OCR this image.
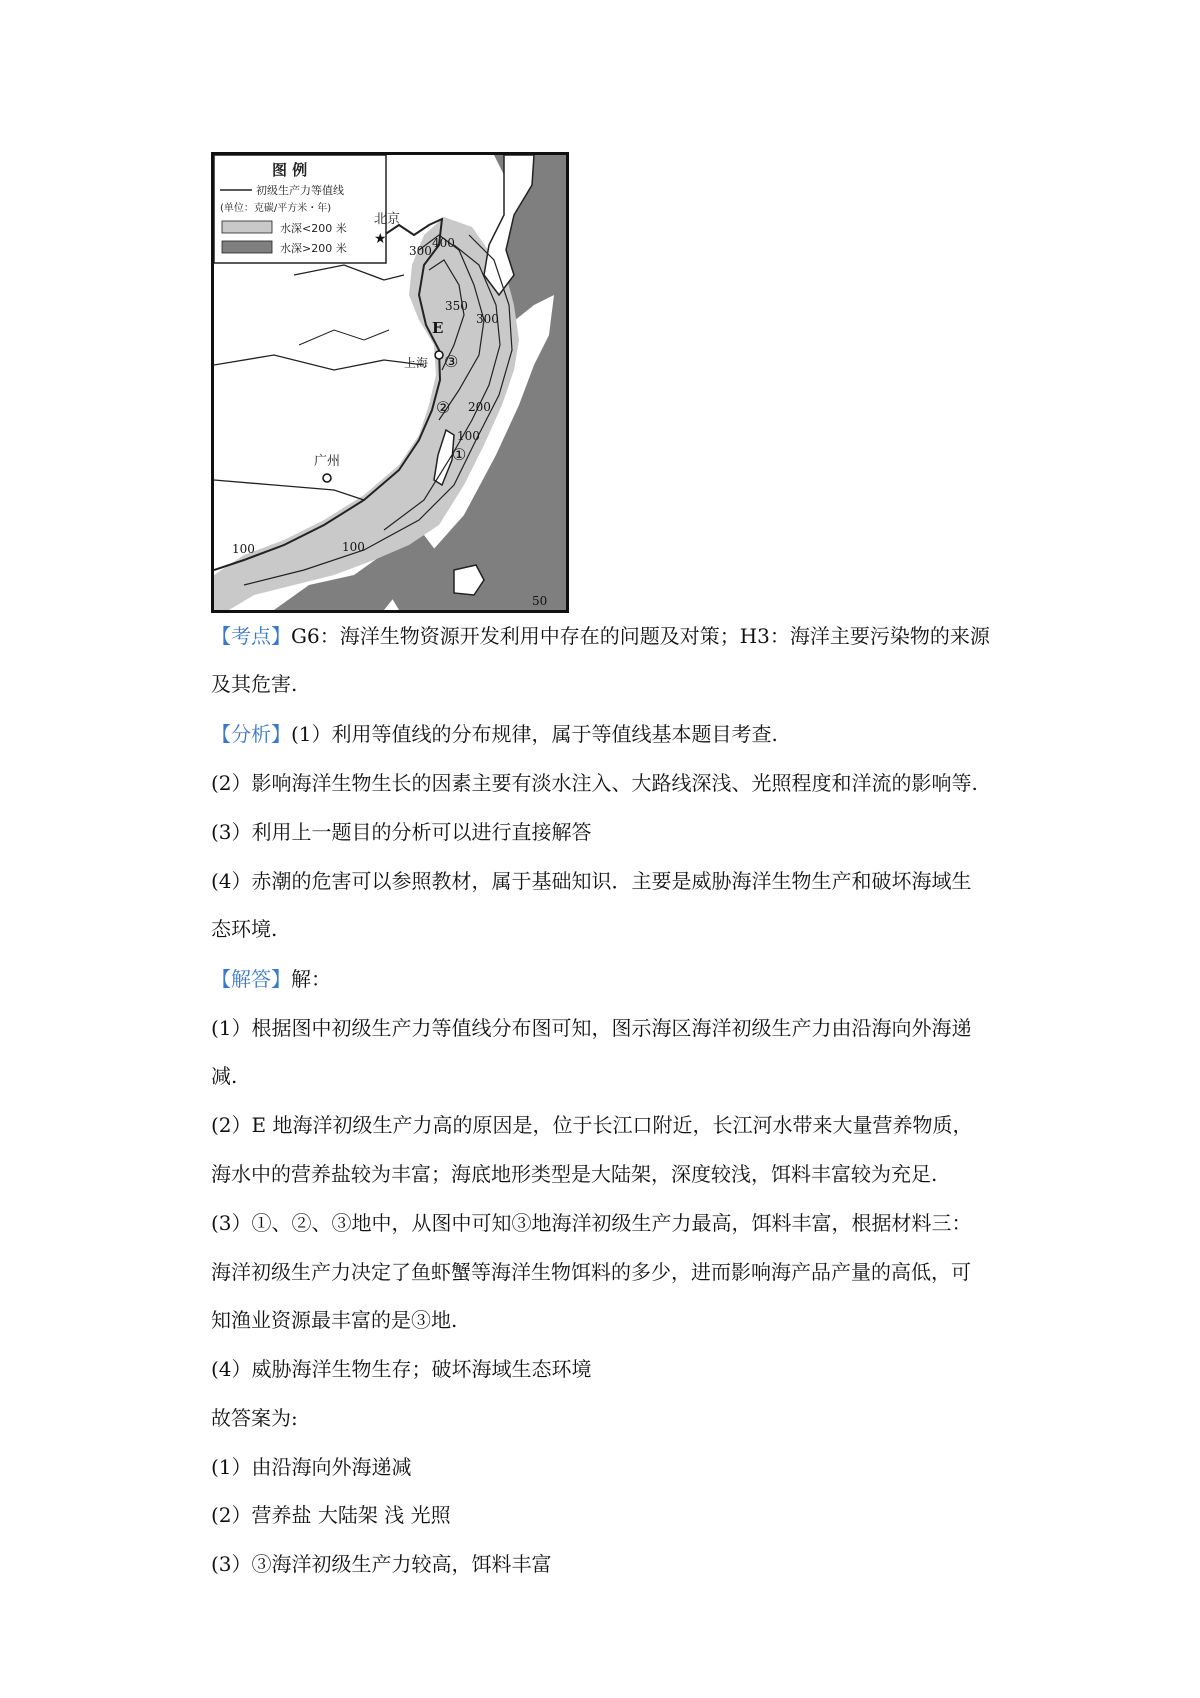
图 例
初级生产力等值线
(单位：克碳/平方米・年)
水深<200 米
水深>200 米
北京
★
上海
广州
E
300
400
350
300
200
100
100	100
50
①
②
③
【考点】G6：海洋生物资源开发利用中存在的问题及对策；H3：海洋主要污染物的来源
及其危害.
【分析】(1）利用等值线的分布规律，属于等值线基本题目考查.
(2）影响海洋生物生长的因素主要有淡水注入、大路线深浅、光照程度和洋流的影响等.
(3）利用上一题目的分析可以进行直接解答
(4）赤潮的危害可以参照教材，属于基础知识．主要是威胁海洋生物生产和破坏海域生
态环境.
【解答】解：
(1）根据图中初级生产力等值线分布图可知，图示海区海洋初级生产力由沿海向外海递
减.
(2）E 地海洋初级生产力高的原因是，位于长江口附近，长江河水带来大量营养物质，
海水中的营养盐较为丰富；海底地形类型是大陆架，深度较浅，饵料丰富较为充足.
(3）①、②、③地中，从图中可知③地海洋初级生产力最高，饵料丰富，根据材料三：
海洋初级生产力决定了鱼虾蟹等海洋生物饵料的多少，进而影响海产品产量的高低，可
知渔业资源最丰富的是③地.
(4）威胁海洋生物生存；破坏海域生态环境
故答案为:
(1）由沿海向外海递减
(2）营养盐 大陆架 浅 光照
(3）③海洋初级生产力较高，饵料丰富
